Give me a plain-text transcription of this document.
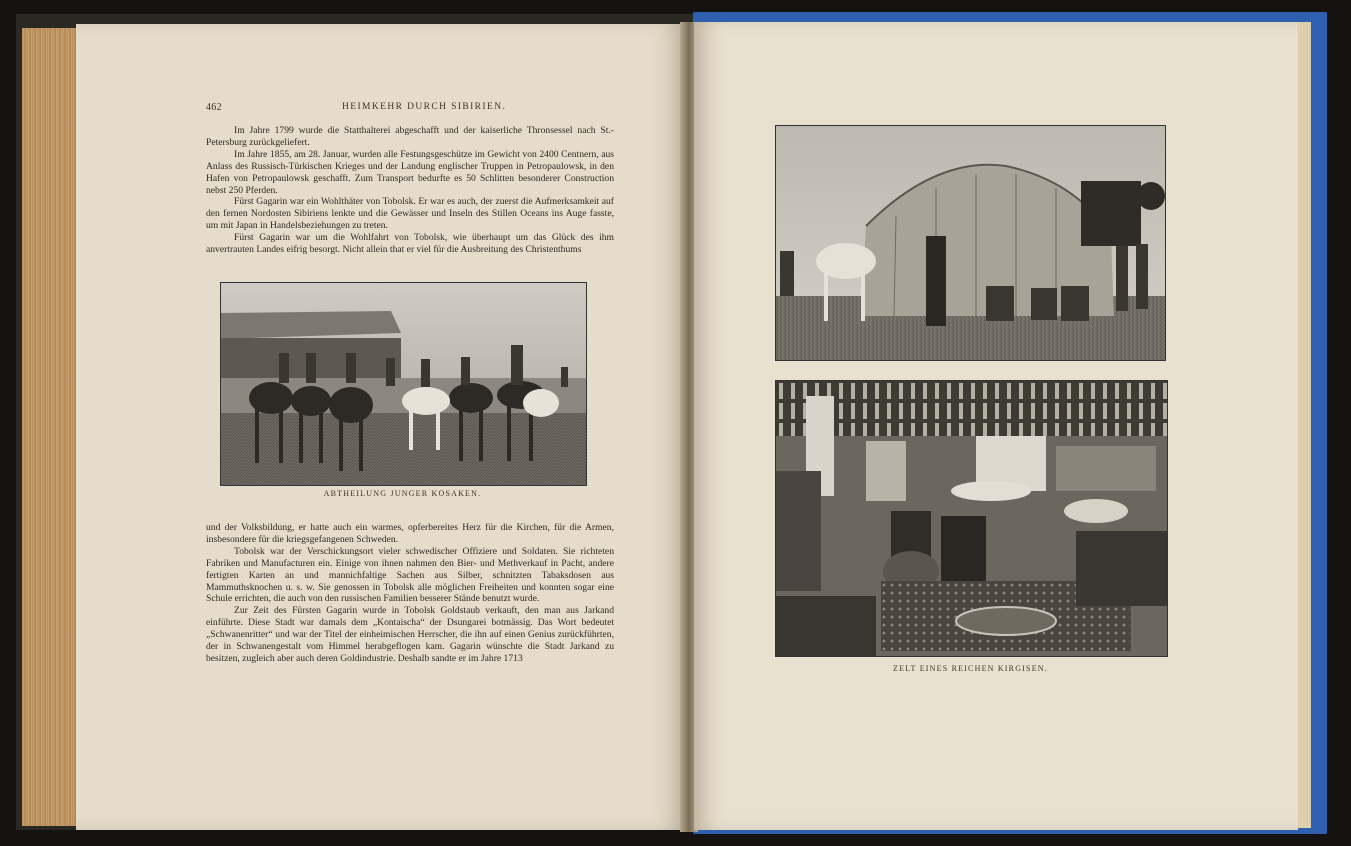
462	HEIMKEHR DURCH SIBIRIEN.

Im Jahre 1799 wurde die Statthalterei abgeschafft und der kaiserliche Thronsessel nach St.-Petersburg zurückgeliefert.

Im Jahre 1855, am 28. Januar, wurden alle Festungsgeschütze im Gewicht von 2400 Centnern, aus Anlass des Russisch-Türkischen Krieges und der Landung englischer Truppen in Petropaulowsk, in den Hafen von Petropaulowsk geschafft. Zum Transport bedurfte es 50 Schlitten besonderer Construction nebst 250 Pferden.

Fürst Gagarin war ein Wohlthäter von Tobolsk. Er war es auch, der zuerst die Aufmerksamkeit auf den fernen Nordosten Sibiriens lenkte und die Gewässer und Inseln des Stillen Oceans ins Auge fasste, um mit Japan in Handelsbeziehungen zu treten.

Fürst Gagarin war um die Wohlfahrt von Tobolsk, wie überhaupt um das Glück des ihm anvertrauten Landes eifrig besorgt. Nicht allein that er viel für die Ausbreitung des Christenthums

ABTHEILUNG JUNGER KOSAKEN.

und der Volksbildung, er hatte auch ein warmes, opferbereites Herz für die Kirchen, für die Armen, insbesondere für die kriegsgefangenen Schweden.

Tobolsk war der Verschickungsort vieler schwedischer Offiziere und Soldaten. Sie richteten Fabriken und Manufacturen ein. Einige von ihnen nahmen den Bier- und Methverkauf in Pacht, andere fertigten Karten an und mannichfaltige Sachen aus Silber, schnitzten Tabaksdosen aus Mammuthsknochen u. s. w. Sie genossen in Tobolsk alle möglichen Freiheiten und konnten sogar eine Schule errichten, die auch von den russischen Familien besserer Stände benutzt wurde.

Zur Zeit des Fürsten Gagarin wurde in Tobolsk Goldstaub verkauft, den man aus Jarkand einführte. Diese Stadt war damals dem „Kontaischa“ der Dsungarei botmässig. Das Wort bedeutet „Schwanenritter“ und war der Titel der einheimischen Herrscher, die ihn auf einen Genius zurückführten, der in Schwanengestalt vom Himmel herabgeflogen kam. Gagarin wünschte die Stadt Jarkand zu besitzen, zugleich aber auch deren Goldindustrie. Deshalb sandte er im Jahre 1713

ZELT EINES REICHEN KIRGISEN.
